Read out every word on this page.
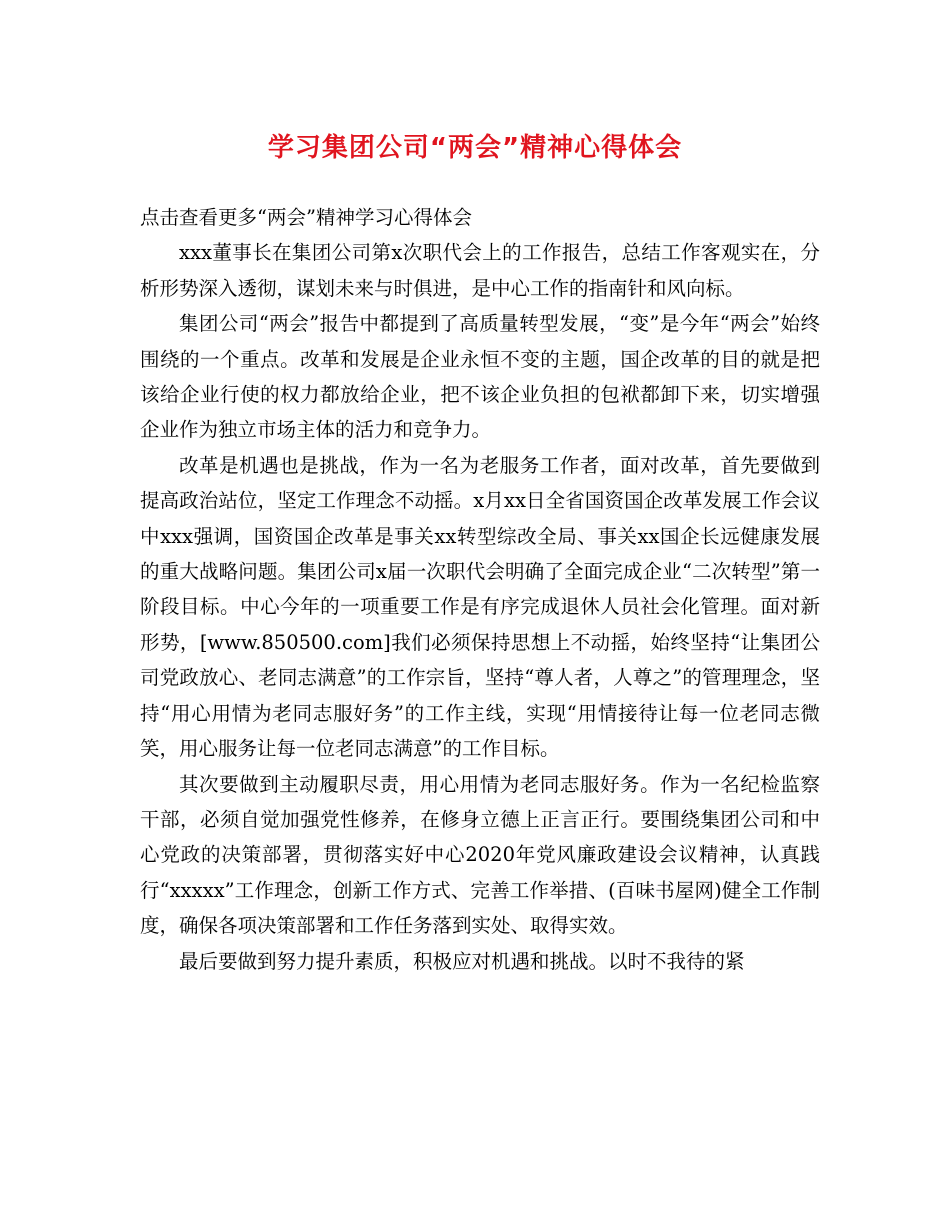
学习集团公司“两会”精神心得体会

点击查看更多“两会”精神学习心得体会

xxx董事长在集团公司第x次职代会上的工作报告，总结工作客观实在，分析形势深入透彻，谋划未来与时俱进，是中心工作的指南针和风向标。

集团公司“两会”报告中都提到了高质量转型发展，“变”是今年“两会”始终围绕的一个重点。改革和发展是企业永恒不变的主题，国企改革的目的就是把该给企业行使的权力都放给企业，把不该企业负担的包袱都卸下来，切实增强企业作为独立市场主体的活力和竞争力。

改革是机遇也是挑战，作为一名为老服务工作者，面对改革，首先要做到提高政治站位，坚定工作理念不动摇。x月xx日全省国资国企改革发展工作会议中xxx强调，国资国企改革是事关xx转型综改全局、事关xx国企长远健康发展的重大战略问题。集团公司x届一次职代会明确了全面完成企业“二次转型”第一阶段目标。中心今年的一项重要工作是有序完成退休人员社会化管理。面对新形势，[www.850500.com]我们必须保持思想上不动摇，始终坚持“让集团公司党政放心、老同志满意”的工作宗旨，坚持“尊人者，人尊之”的管理理念，坚持“用心用情为老同志服好务”的工作主线，实现“用情接待让每一位老同志微笑，用心服务让每一位老同志满意”的工作目标。

其次要做到主动履职尽责，用心用情为老同志服好务。作为一名纪检监察干部，必须自觉加强党性修养，在修身立德上正言正行。要围绕集团公司和中心党政的决策部署，贯彻落实好中心2020年党风廉政建设会议精神，认真践行“xxxxx”工作理念，创新工作方式、完善工作举措、(百味书屋网)健全工作制度，确保各项决策部署和工作任务落到实处、取得实效。

最后要做到努力提升素质，积极应对机遇和挑战。以时不我待的紧
